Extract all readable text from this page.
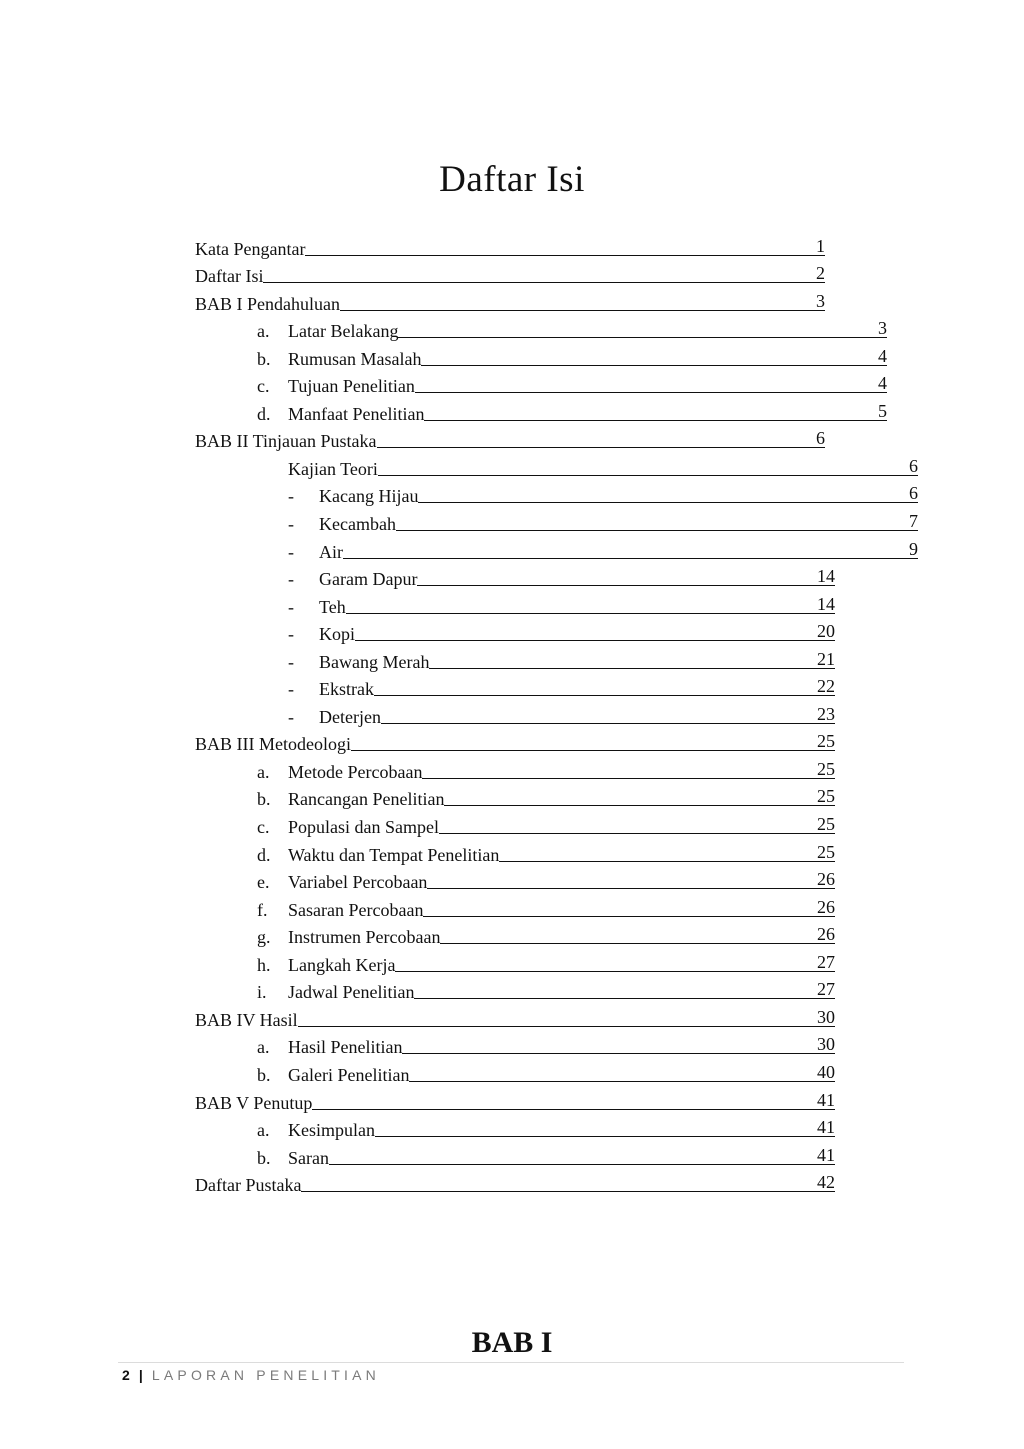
Daftar Isi
Kata Pengantar	1
Daftar Isi	2
BAB I Pendahuluan	3
a. Latar Belakang	3
b. Rumusan Masalah	4
c. Tujuan Penelitian	4
d. Manfaat Penelitian	5
BAB II Tinjauan Pustaka	6
Kajian Teori	6
- Kacang Hijau	6
- Kecambah	7
- Air	9
- Garam Dapur	14
- Teh	14
- Kopi	20
- Bawang Merah	21
- Ekstrak	22
- Deterjen	23
BAB III Metodeologi	25
a. Metode Percobaan	25
b. Rancangan Penelitian	25
c. Populasi dan Sampel	25
d. Waktu dan Tempat Penelitian	25
e. Variabel Percobaan	26
f. Sasaran Percobaan	26
g. Instrumen Percobaan	26
h. Langkah Kerja	27
i. Jadwal Penelitian	27
BAB IV Hasil	30
a. Hasil Penelitian	30
b. Galeri Penelitian	40
BAB V Penutup	41
a. Kesimpulan	41
b. Saran	41
Daftar Pustaka	42
BAB I
2 | LAPORAN PENELITIAN
